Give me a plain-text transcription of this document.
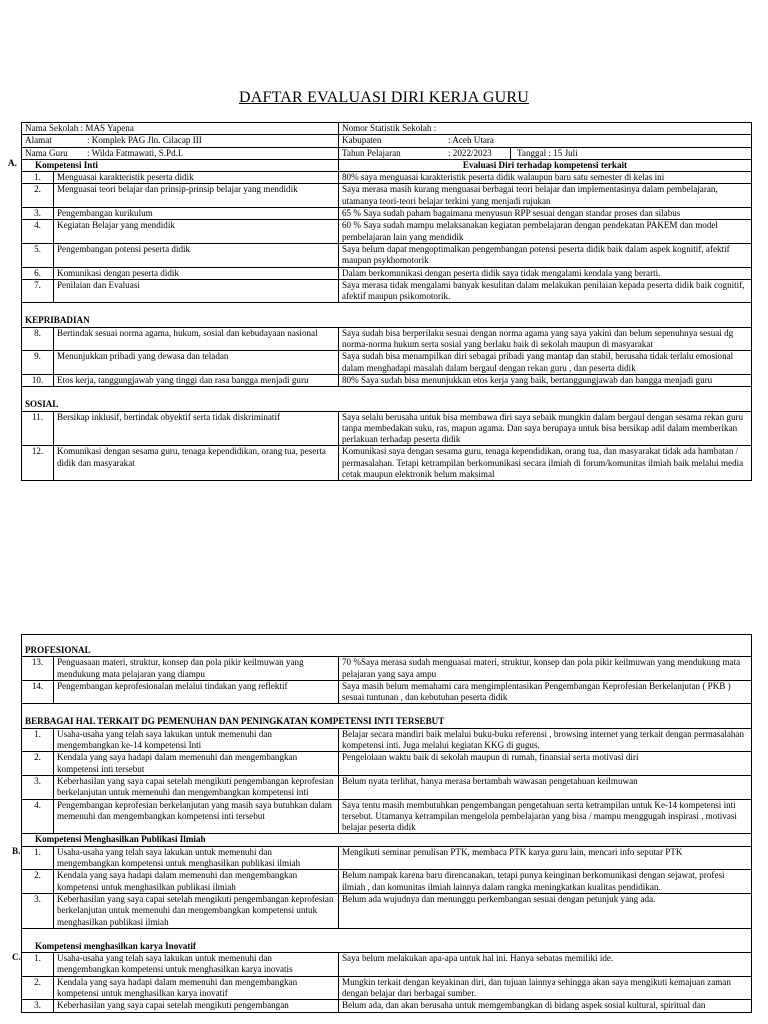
DAFTAR EVALUASI DIRI KERJA GURU
A.
Nama Sekolah : MAS Yapena		Nomor Statistik Sekolah :
Alamat : Komplek PAG Jln. Cilacap III		Kabupaten : Aceh Utara
Nama Guru : Wilda Fatmawati, S.Pd.I.		Tahun Pelajaran : 2022/2023 Tanggal : 15 Juli

Kompetensi Inti		Evaluasi Diri terhadap kompetensi terkait
1.	Menguasai karakteristik peserta didik	80% saya menguasai karakteristik peserta didik walaupun baru satu semester di kelas ini
2.	Menguasai teori belajar dan prinsip-prinsip belajar yang mendidik	Saya merasa masih kurang menguasai berbagai teori belajar dan implementasinya dalam pembelajaran, utamanya teori-teori belajar terkini yang menjadi rujukan
3.	Pengembangan kurikulum	65 % Saya sudah paham bagaimana menyusun RPP sesuai dengan standar proses dan silabus
4.	Kegiatan Belajar yang mendidik	60 % Saya sudah mampu melaksanakan kegiatan pembelajaran dengan pendekatan PAKEM dan model pembelajaran lain yang mendidik
5.	Pengembangan potensi peserta didik	Saya belum dapat mengoptimalkan pengembangan potensi peserta didik baik dalam aspek kognitif, afektif maupun psykhomotorik
6.	Komunikasi dengan peserta didik	Dalam berkomunikasi dengan peserta didik saya tidak mengalami kendala yang berarti.
7.	Penilaian dan Evaluasi	Saya merasa tidak mengalami banyak kesulitan dalam melakukan penilaian kepada peserta didik baik cognitif, afektif maupun psikomotorik.

KEPRIBADIAN		
8.	Bertindak sesuai norma agama, hukum, sosial dan kebudayaan nasional	Saya sudah bisa berperilaku sesuai dengan norma agama yang saya yakini dan belum sepenuhnya sesuai dg norma-norma hukum serta sosial yang berlaku baik di sekolah maupun di masyarakat
9.	Menunjukkan pribadi yang dewasa dan teladan	Saya sudah bisa menampilkan diri sebagai pribadi yang mantap dan stabil, berusaha tidak terlalu emosional dalam menghadapi masalah dalam bergaul dengan rekan guru , dan peserta didik
10.	Etos kerja, tanggungjawab yang tinggi dan rasa bangga menjadi guru	80% Saya sudah bisa menunjukkan etos kerja yang baik, bertanggungjawab dan bangga menjadi guru

SOSIAL		
11.	Bersikap inklusif, bertindak obyektif serta tidak diskriminatif	Saya selalu berusaha untuk bisa membawa diri saya sebaik mungkin dalam bergaul dengan sesama rekan guru tanpa membedakan suku, ras, mapun agama. Dan saya berupaya untuk bisa bersikap adil dalam memberikan perlakuan terhadap peserta didik
12.	Komunikasi dengan sesama guru, tenaga kependidikan, orang tua, peserta didik dan masyarakat	Komunikasi saya dengan sesama guru, tenaga kependidikan, orang tua, dan masyarakat tidak ada hambatan / permasalahan. Tetapi ketrampilan berkomunikasi secara ilmiah di forum/komunitas ilmiah baik melalui media cetak maupun elektronik belum maksimal
B.
C.

PROFESIONAL		
13.	Penguasaan materi, struktur, konsep dan pola pikir keilmuwan yang mendukung mata pelajaran yang diampu	70 %Saya merasa sudah menguasai materi, struktur, konsep dan pola pikir keilmuwan yang mendukung mata pelajaran yang saya ampu
14.	Pengembangan keprofesionalan melalui tindakan yang reflektif	Saya masih belum memahami cara mengimplentasikan Pengembangan Keprofesian Berkelanjutan ( PKB ) sesuai tuntunan , dan kebutuhan peserta didik

BERBAGAI HAL TERKAIT DG PEMENUHAN DAN PENINGKATAN KOMPETENSI INTI TERSEBUT		
1.	Usaha-usaha yang telah saya lakukan untuk memenuhi dan mengembangkan ke-14 kompetensi Inti	Belajar secara mandiri baik melalui buku-buku referensi , browsing internet yang terkait dengan permasalahan kompetensi inti. Juga melalui kegiatan KKG di gugus.
2.	Kendala yang saya hadapi dalam memenuhi dan mengembangkan kompetensi inti tersebut	Pengelolaan waktu baik di sekolah maupun di rumah, finansial serta motivasi diri
3.	Keberhasilan yang saya capai setelah mengikuti pengembangan keprofesian berkelanjutan untuk memenuhi dan mengembangkan kompetensi inti	Belum nyata terlihat, hanya merasa bertambah wawasan pengetahuan keilmuwan
4.	Pengembangan keprofesian berkelanjutan yang masih saya butuhkan dalam memenuhi dan mengembangkan kompetensi inti tersebut	Saya tentu masih membutuhkan pengembangan pengetahuan serta ketrampilan untuk Ke-14 kompetensi inti tersebut. Utamanya ketrampilan mengelola pembelajaran yang bisa / mampu menggugah inspirasi , motivasi belajar peserta didik
Kompetensi Menghasilkan Publikasi Ilmiah		
1.	Usaha-usaha yang telah saya lakukan untuk memenuhi dan mengembangkan kompetensi untuk menghasilkan publikasi ilmiah	Mengikuti seminar penulisan PTK, membaca PTK karya guru lain, mencari info seputar PTK
2.	Kendala yang saya hadapi dalam memenuhi dan mengembangkan kompetensi untuk menghasilkan publikasi ilmiah	Belum nampak karena baru direncanakan, tetapi punya keinginan berkomunikasi dengan sejawat, profesi ilmiah , dan komunitas ilmiah lainnya dalam rangka meningkatkan kualitas pendidikan.
3.	Keberhasilan yang saya capai setelah mengikuti pengembangan keprofesian berkelanjutan untuk memenuhi dan mengembangkan kompetensi untuk menghasilkan publikasi ilmiah	Belum ada wujudnya dan menunggu perkembangan sesuai dengan petunjuk yang ada.

Kompetensi menghasilkan karya Inovatif		
1.	Usaha-usaha yang telah saya lakukan untuk memenuhi dan mengembangkan kompetensi untuk menghasilkan karya inovatis	Saya belum melakukan apa-apa untuk hal ini. Hanya sebatas memiliki ide.
2.	Kendala yang saya hadapi dalam memenuhi dan mengembangkan kompetensi untuk menghasilkan karya inovatif	Mungkin terkait dengan keyakinan diri, dan tujuan lainnya sehingga akan saya mengikuti kemajuan zaman dengan belajar dari berbagai sumber.
3.	Keberhasilan yang saya capai setelah mengikuti pengembangan	Belum ada, dan akan berusaha untuk memgembangkan di bidang aspek sosial kultural, spiritual dan
